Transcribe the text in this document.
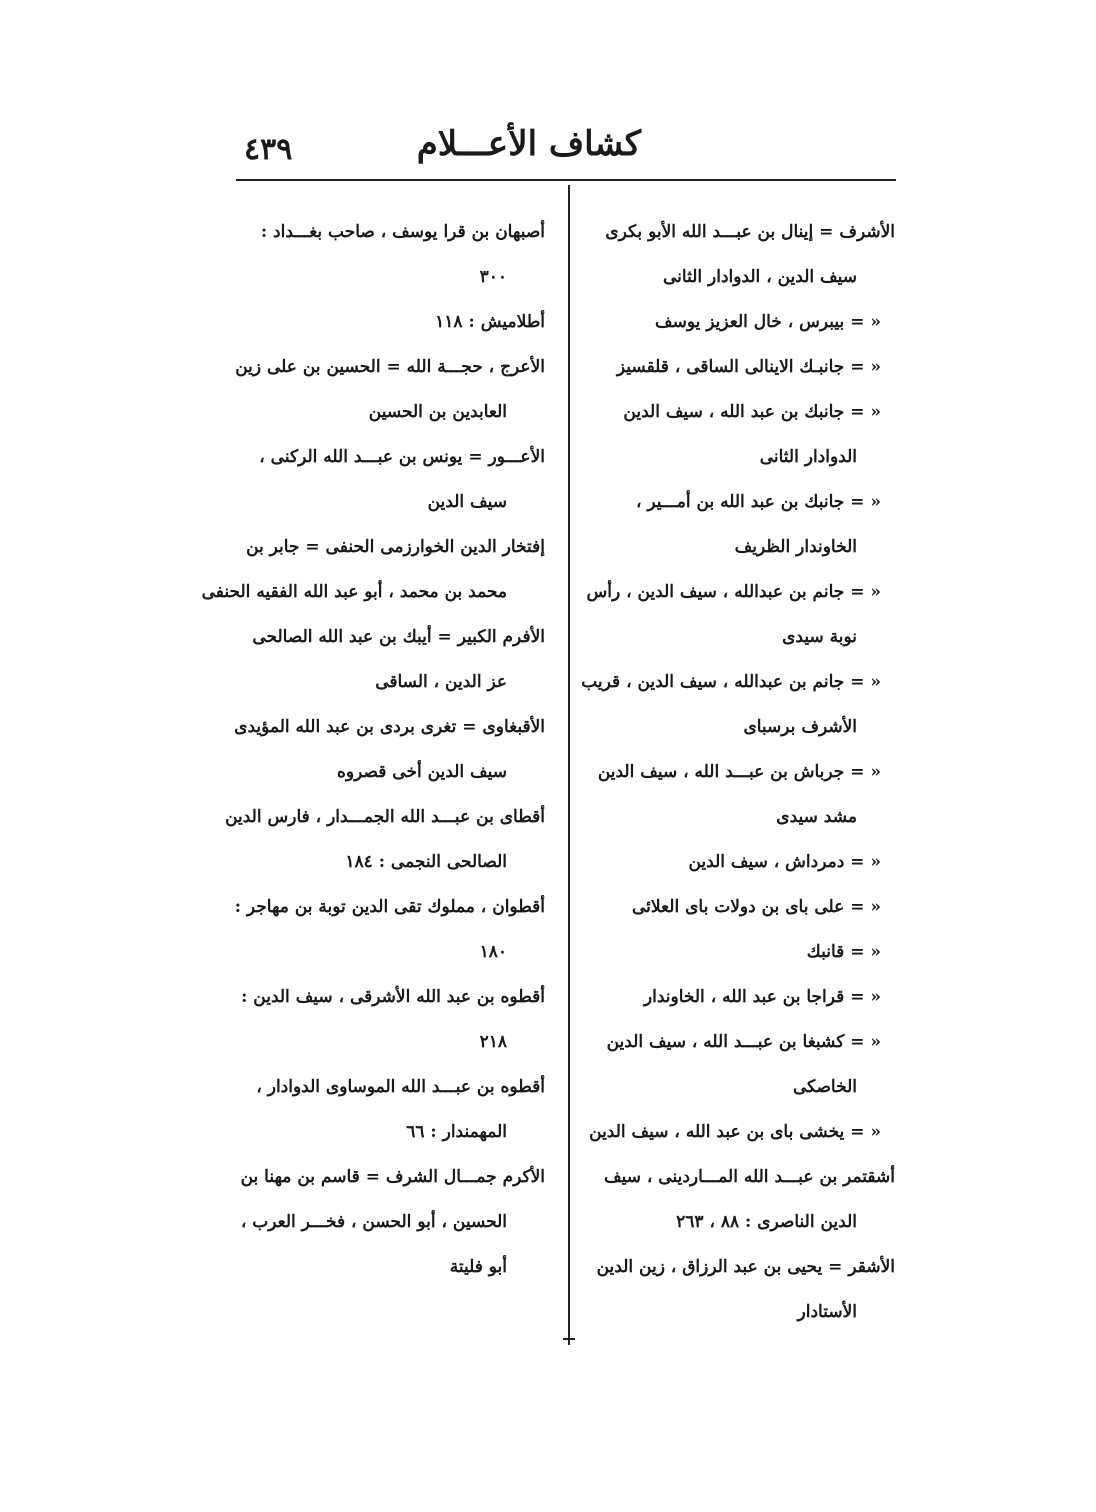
كشاف الأعـــلام
٤٣٩
الأشرف = إينال بن عبـــد الله الأبو بكرى
سيف الدين ، الدوادار الثانى
« = بيبرس ، خال العزيز يوسف
« = جانبـك الاينالى الساقى ، قلقسيز
« = جانبك بن عبد الله ، سيف الدين
الدوادار الثانى
« = جانبك بن عبد الله بن أمـــير ،
الخاوندار الظريف
« = جانم بن عبدالله ، سيف الدين ، رأس
نوبة سيدى
« = جانم بن عبدالله ، سيف الدين ، قريب
الأشرف برسباى
« = جرباش بن عبـــد الله ، سيف الدين
مشد سيدى
« = دمرداش ، سيف الدين
« = على باى بن دولات باى العلائى
« = قانبك
« = قراجا بن عبد الله ، الخاوندار
« = كشبغا بن عبـــد الله ، سيف الدين
الخاصكى
« = يخشى باى بن عبد الله ، سيف الدين
أشقتمر بن عبـــد الله المـــاردينى ، سيف
الدين الناصرى : ٨٨ ، ٢٦٣
الأشقر = يحيى بن عبد الرزاق ، زين الدين
الأستادار
أصبهان بن قرا يوسف ، صاحب بغـــداد :
٣٠٠
أطلاميش : ١١٨
الأعرج ، حجـــة الله = الحسين بن على زين
العابدين بن الحسين
الأعـــور = يونس بن عبـــد الله الركنى ،
سيف الدين
إفتخار الدين الخوارزمى الحنفى = جابر بن
محمد بن محمد ، أبو عبد الله الفقيه الحنفى
الأفرم الكبير = أيبك بن عبد الله الصالحى
عز الدين ، الساقى
الأقبغاوى = تغرى بردى بن عبد الله المؤيدى
سيف الدين أخى قصروه
أقطاى بن عبـــد الله الجمـــدار ، فارس الدين
الصالحى النجمى : ١٨٤
أقطوان ، مملوك تقى الدين توبة بن مهاجر :
١٨٠
أقطوه بن عبد الله الأشرقى ، سيف الدين :
٢١٨
أقطوه بن عبـــد الله الموساوى الدوادار ،
المهمندار : ٦٦
الأكرم جمـــال الشرف = قاسم بن مهنا بن
الحسين ، أبو الحسن ، فخـــر العرب ،
أبو فليتة
